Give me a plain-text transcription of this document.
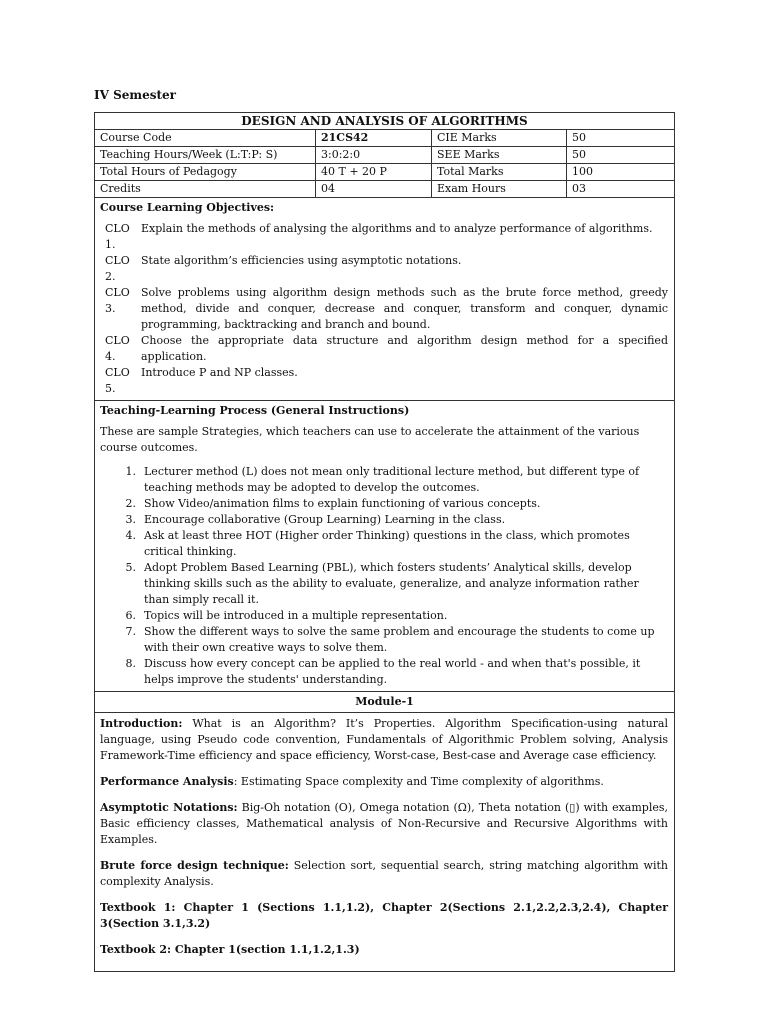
IV Semester
DESIGN AND ANALYSIS OF ALGORITHMS
Course Code	21CS42	CIE Marks	50
Teaching Hours/Week (L:T:P: S)	3:0:2:0	SEE Marks	50
Total Hours of Pedagogy	40 T + 20 P	Total Marks	100
Credits	04	Exam Hours	03
Course Learning Objectives:
CLO 1.
Explain the methods of analysing the algorithms and to analyze performance of algorithms.
CLO 2.
State algorithm’s efficiencies using asymptotic notations.
CLO 3.
Solve problems using algorithm design methods such as the brute force method, greedy method, divide and conquer, decrease and conquer, transform and conquer, dynamic programming, backtracking and branch and bound.
CLO 4.
Choose the appropriate data structure and algorithm design method for a specified application.
CLO 5.
Introduce P and NP classes.
Teaching-Learning Process (General Instructions)

These are sample Strategies, which teachers can use to accelerate the attainment of the various course outcomes.

1. Lecturer method (L) does not mean only traditional lecture method, but different type of teaching methods may be adopted to develop the outcomes.
2. Show Video/animation films to explain functioning of various concepts.
3. Encourage collaborative (Group Learning) Learning in the class.
4. Ask at least three HOT (Higher order Thinking) questions in the class, which promotes critical thinking.
5. Adopt Problem Based Learning (PBL), which fosters students’ Analytical skills, develop thinking skills such as the ability to evaluate, generalize, and analyze information rather than simply recall it.
6. Topics will be introduced in a multiple representation.
7. Show the different ways to solve the same problem and encourage the students to come up with their own creative ways to solve them.
8. Discuss how every concept can be applied to the real world - and when that's possible, it helps improve the students' understanding.
Module-1

Introduction: What is an Algorithm? It’s Properties. Algorithm Specification-using natural language, using Pseudo code convention, Fundamentals of Algorithmic Problem solving, Analysis Framework-Time efficiency and space efficiency, Worst-case, Best-case and Average case efficiency.

Performance Analysis: Estimating Space complexity and Time complexity of algorithms.

Asymptotic Notations: Big-Oh notation (O), Omega notation (Ω), Theta notation (▯) with examples, Basic efficiency classes, Mathematical analysis of Non-Recursive and Recursive Algorithms with Examples.

Brute force design technique: Selection sort, sequential search, string matching algorithm with complexity Analysis.

Textbook 1: Chapter 1 (Sections 1.1,1.2), Chapter 2(Sections 2.1,2.2,2.3,2.4), Chapter 3(Section 3.1,3.2)

Textbook 2: Chapter 1(section 1.1,1.2,1.3)
